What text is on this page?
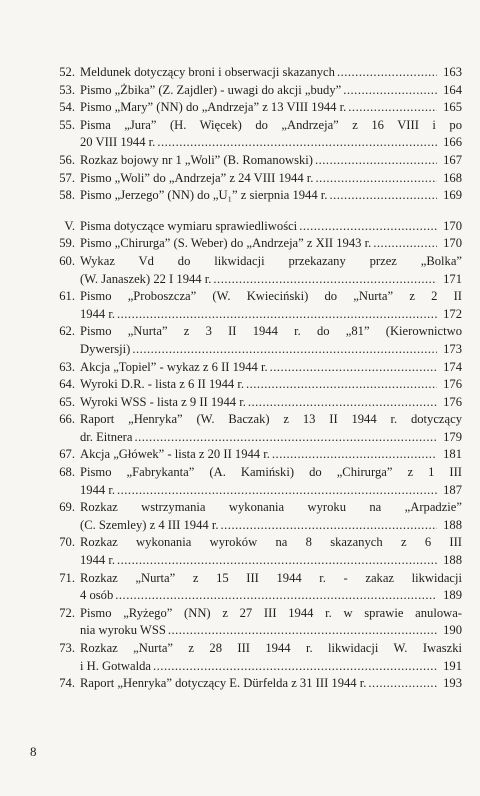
52. Meldunek dotyczący broni i obserwacji skazanych .....	163
53. Pismo „Żbika” (Z. Zajdler) - uwagi do akcji „budy” .....	164
54. Pismo „Mary” (NN) do „Andrzeja” z 13 VIII 1944 r. .....	165
55. Pisma „Jura” (H. Więcek) do „Andrzeja” z 16 VIII i po
20 VIII 1944 r. .....	166
56. Rozkaz bojowy nr 1 „Woli” (B. Romanowski) .....	167
57. Pismo „Woli” do „Andrzeja” z 24 VIII 1944 r. .....	168
58. Pismo „Jerzego” (NN) do „U₁” z sierpnia 1944 r. .....	169
V. Pisma dotyczące wymiaru sprawiedliwości .....	170
59. Pismo „Chirurga” (S. Weber) do „Andrzeja” z XII 1943 r. .....	170
60. Wykaz Vd do likwidacji przekazany przez „Bolka”
(W. Janaszek) 22 I 1944 r. .....	171
61. Pismo „Proboszcza” (W. Kwieciński) do „Nurta” z 2 II
1944 r. .....	172
62. Pismo „Nurta” z 3 II 1944 r. do „81” (Kierownictwo
Dywersji) .....	173
63. Akcja „Topiel” - wykaz z 6 II 1944 r. .....	174
64. Wyroki D.R. - lista z 6 II 1944 r. .....	176
65. Wyroki WSS - lista z 9 II 1944 r. .....	176
66. Raport „Henryka” (W. Baczak) z 13 II 1944 r. dotyczący
dr. Eitnera .....	179
67. Akcja „Główek” - lista z 20 II 1944 r. .....	181
68. Pismo „Fabrykanta” (A. Kamiński) do „Chirurga” z 1 III
1944 r. .....	187
69. Rozkaz wstrzymania wykonania wyroku na „Arpadzie”
(C. Szemley) z 4 III 1944 r. .....	188
70. Rozkaz wykonania wyroków na 8 skazanych z 6 III
1944 r. .....	188
71. Rozkaz „Nurta” z 15 III 1944 r. - zakaz likwidacji
4 osób .....	189
72. Pismo „Ryżego” (NN) z 27 III 1944 r. w sprawie anulowa-
nia wyroku WSS .....	190
73. Rozkaz „Nurta” z 28 III 1944 r. likwidacji W. Iwaszki
i H. Gotwalda .....	191
74. Raport „Henryka” dotyczący E. Dürfelda z 31 III 1944 r. .....	193
8
